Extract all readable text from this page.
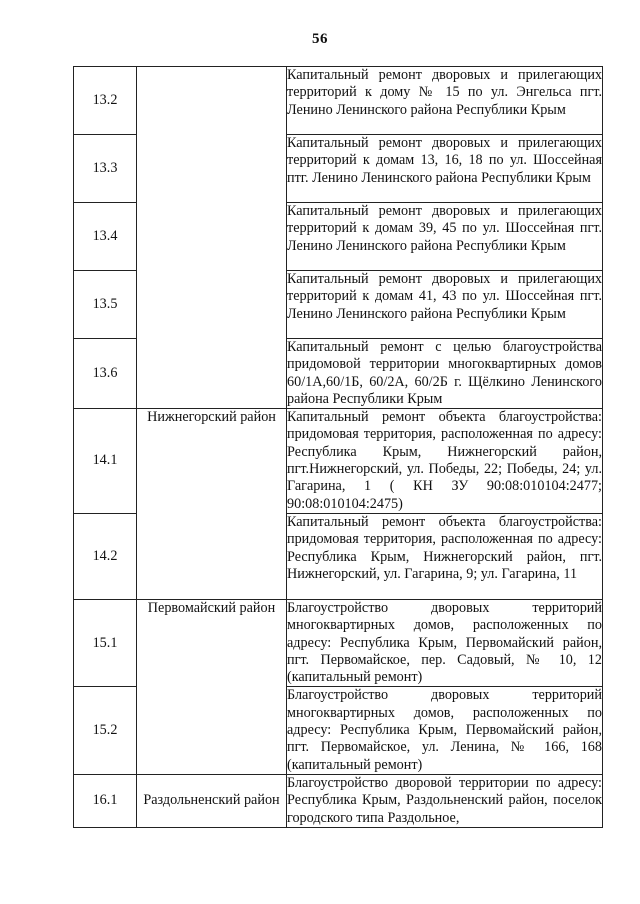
56
13.2		Капитальный ремонт дворовых и прилегающих территорий к дому № 15 по ул. Энгельса пгт. Ленино Ленинского района Республики Крым

13.3		Капитальный ремонт дворовых и прилегающих территорий к домам 13, 16, 18 по ул. Шоссейная птг. Ленино Ленинского района Республики Крым

13.4		Капитальный ремонт дворовых и прилегающих территорий к домам 39, 45 по ул. Шоссейная пгт. Ленино Ленинского района Республики Крым

13.5		Капитальный ремонт дворовых и прилегающих территорий к домам 41, 43 по ул. Шоссейная пгт. Ленино Ленинского района Республики Крым

13.6		Капитальный ремонт с целью благоустройства придомовой территории многоквартирных домов 60/1А,60/1Б, 60/2А, 60/2Б г. Щёлкино Ленинского района Республики Крым

14.1	Нижнегорский район	Капитальный ремонт объекта благоустройства: придомовая территория, расположенная по адресу: Республика Крым, Нижнегорский район, пгт.Нижнегорский, ул. Победы, 22; Победы, 24; ул. Гагарина, 1 ( КН ЗУ 90:08:010104:2477; 90:08:010104:2475)

14.2		Капитальный ремонт объекта благоустройства: придомовая территория, расположенная по адресу: Республика Крым, Нижнегорский район, пгт. Нижнегорский, ул. Гагарина, 9; ул. Гагарина, 11

15.1	Первомайский район	Благоустройство дворовых территорий многоквартирных домов, расположенных по адресу: Республика Крым, Первомайский район, пгт. Первомайское, пер. Садовый, № 10, 12 (капитальный ремонт)

15.2		Благоустройство дворовых территорий многоквартирных домов, расположенных по адресу: Республика Крым, Первомайский район, пгт. Первомайское, ул. Ленина, № 166, 168 (капитальный ремонт)

16.1	Раздольненский район	Благоустройство дворовой территории по адресу: Республика Крым, Раздольненский район, поселок городского типа Раздольное,
